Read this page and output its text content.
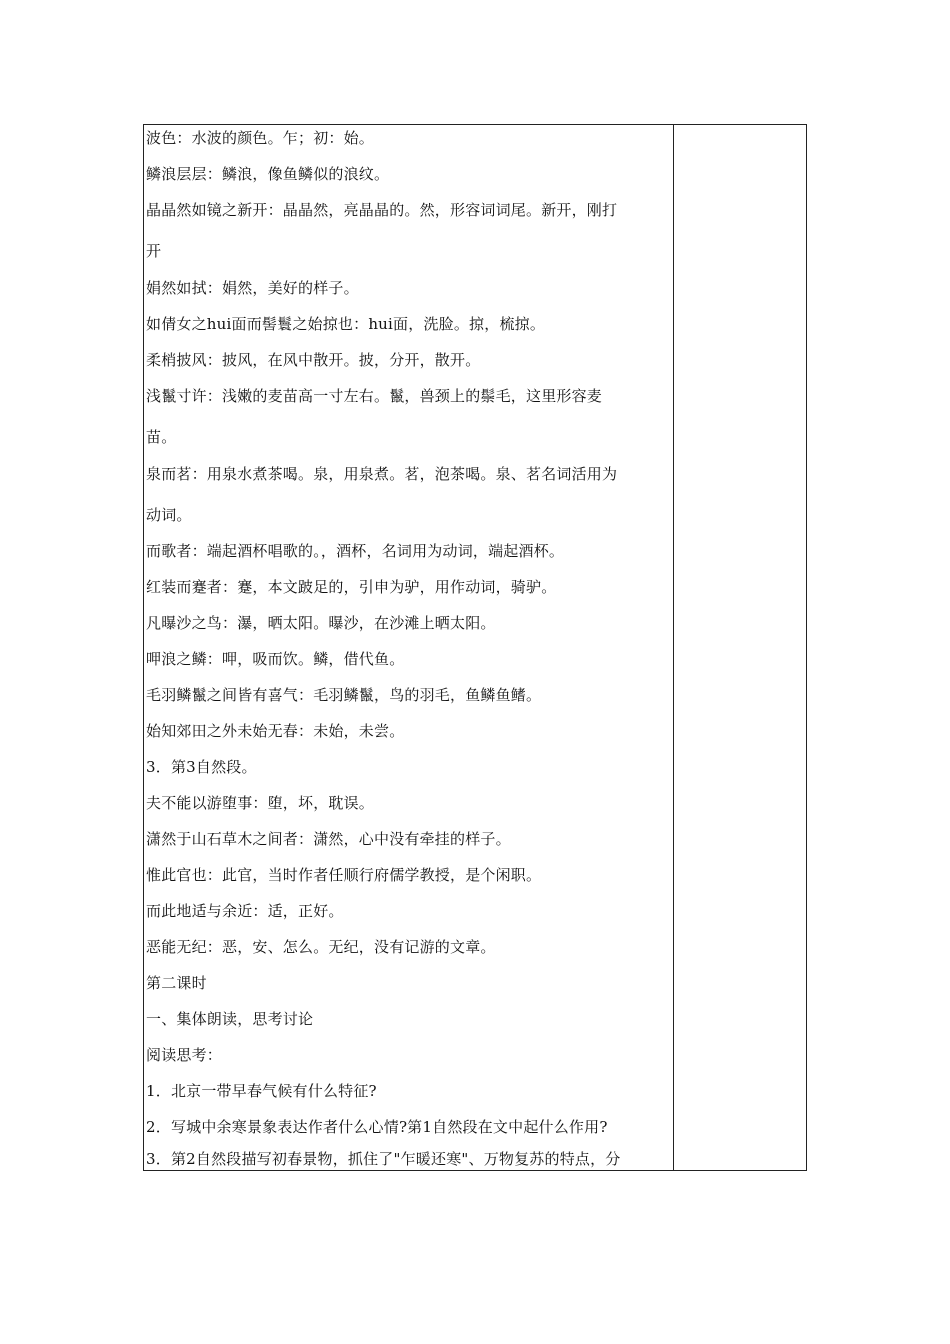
波色：水波的颜色。乍；初：始。
鳞浪层层：鳞浪，像鱼鳞似的浪纹。
晶晶然如镜之新开：晶晶然，亮晶晶的。然，形容词词尾。新开，刚打
开
娟然如拭：娟然，美好的样子。
如倩女之hui面而髻鬟之始掠也：hui面，洗脸。掠，梳掠。
柔梢披风：披风，在风中散开。披，分开，散开。
浅鬣寸许：浅嫩的麦苗高一寸左右。鬣，兽颈上的鬃毛，这里形容麦
苗。
泉而茗：用泉水煮茶喝。泉，用泉煮。茗，泡茶喝。泉、茗名词活用为
动词。
而歌者：端起酒杯唱歌的。，酒杯，名词用为动词，端起酒杯。
红装而蹇者：蹇，本文跛足的，引申为驴，用作动词，骑驴。
凡曝沙之鸟：瀑，晒太阳。曝沙，在沙滩上晒太阳。
呷浪之鳞：呷，吸而饮。鳞，借代鱼。
毛羽鳞鬣之间皆有喜气：毛羽鳞鬣，鸟的羽毛，鱼鳞鱼鳍。
始知郊田之外未始无春：未始，未尝。
3．第3自然段。
夫不能以游堕事：堕，坏，耽误。
潇然于山石草木之间者：潇然，心中没有牵挂的样子。
惟此官也：此官，当时作者任顺行府儒学教授，是个闲职。
而此地适与余近：适，正好。
恶能无纪：恶，安、怎么。无纪，没有记游的文章。
第二课时
一、集体朗读，思考讨论
阅读思考：
1．北京一带早春气候有什么特征?
2．写城中余寒景象表达作者什么心情?第1自然段在文中起什么作用?
3．第2自然段描写初春景物，抓住了"乍暖还寒"、万物复苏的特点，分
